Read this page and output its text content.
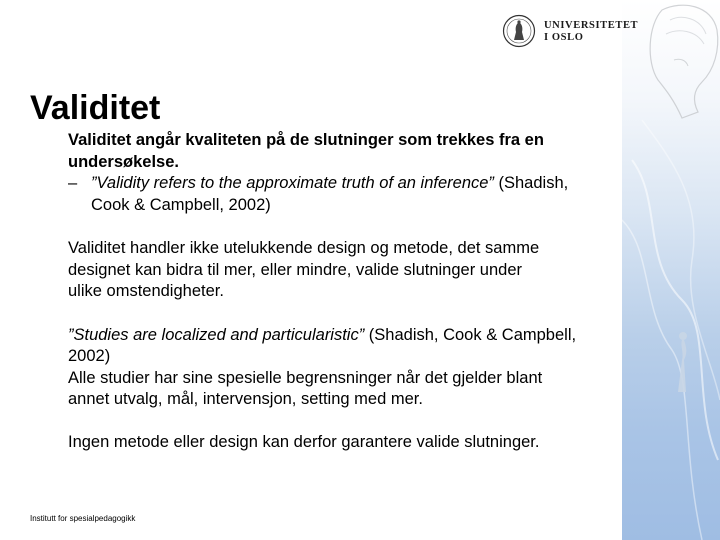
UNIVERSITETET
I OSLO
Validitet

Validitet angår kvaliteten på de slutninger som trekkes fra en
undersøkelse.

– ”Validity refers to the approximate truth of an inference” (Shadish,
Cook & Campbell, 2002)

Validitet handler ikke utelukkende design og metode, det samme
designet kan bidra til mer, eller mindre, valide slutninger under
ulike omstendigheter.

”Studies are localized and particularistic” (Shadish, Cook & Campbell,
2002)

Alle studier har sine spesielle begrensninger når det gjelder blant
annet utvalg, mål, intervensjon, setting med mer.

Ingen metode eller design kan derfor garantere valide slutninger.

Institutt for spesialpedagogikk
